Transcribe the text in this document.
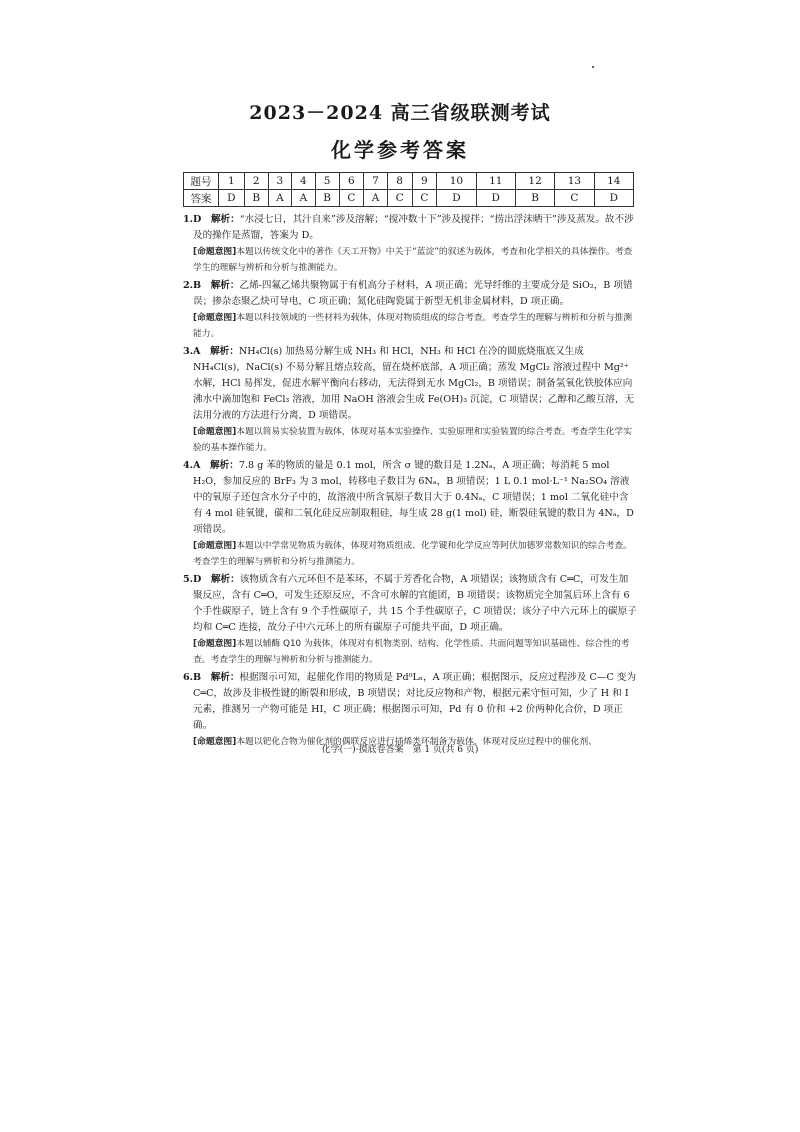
2023－2024 高三省级联测考试
化学参考答案
题号	1	2	3	4	5	6	7	8	9	10	11	12	13	14
答案	D	B	A	A	B	C	A	C	C	D	D	B	C	D

1.D　 解析：“水浸七日，其汁自来”涉及溶解；“搅冲数十下”涉及搅拌；“捞出浮沫晒干”涉及蒸发。故不涉及的操作是蒸馏，答案为 D。

[命题意图]本题以传统文化中的著作《天工开物》中关于“蓝淀”的叙述为载体，考查和化学相关的具体操作。考查学生的理解与辨析和分析与推测能力。

2.B　 解析：乙烯-四氟乙烯共聚物属于有机高分子材料，A 项正确；光导纤维的主要成分是 SiO₂，B 项错误；掺杂态聚乙炔可导电，C 项正确；氮化硅陶瓷属于新型无机非金属材料，D 项正确。

[命题意图]本题以科技领域的一些材料为载体，体现对物质组成的综合考查。考查学生的理解与辨析和分析与推测能力。

3.A　 解析：NH₄Cl(s) 加热易分解生成 NH₃ 和 HCl，NH₃ 和 HCl 在冷的圆底烧瓶底又生成 NH₄Cl(s)，NaCl(s) 不易分解且熔点较高，留在烧杯底部，A 项正确；蒸发 MgCl₂ 溶液过程中 Mg²⁺ 水解，HCl 易挥发，促进水解平衡向右移动，无法得到无水 MgCl₂，B 项错误；制备氢氧化铁胶体应向沸水中滴加饱和 FeCl₃ 溶液，加用 NaOH 溶液会生成 Fe(OH)₃ 沉淀，C 项错误；乙醇和乙酸互溶，无法用分液的方法进行分离，D 项错误。

[命题意图]本题以简易实验装置为载体，体现对基本实验操作、实验原理和实验装置的综合考查。考查学生化学实验的基本操作能力。

4.A　 解析：7.8 g 苯的物质的量是 0.1 mol，所含 σ 键的数目是 1.2Nₐ，A 项正确；每消耗 5 mol H₂O，参加反应的 BrF₃ 为 3 mol，转移电子数目为 6Nₐ，B 项错误；1 L 0.1 mol·L⁻¹ Na₂SO₄ 溶液中的氧原子还包含水分子中的，故溶液中所含氧原子数目大于 0.4Nₐ，C 项错误；1 mol 二氧化硅中含有 4 mol 硅氧键，碳和二氧化硅反应制取粗硅，每生成 28 g(1 mol) 硅，断裂硅氧键的数目为 4Nₐ，D 项错误。

[命题意图]本题以中学常见物质为载体，体现对物质组成、化学键和化学反应等阿伏加德罗常数知识的综合考查。考查学生的理解与辨析和分析与推测能力。

5.D　 解析：该物质含有六元环但不是苯环，不属于芳香化合物，A 项错误；该物质含有 C═C，可发生加聚反应，含有 C═O，可发生还原反应，不含可水解的官能团，B 项错误；该物质完全加氢后环上含有 6 个手性碳原子，链上含有 9 个手性碳原子，共 15 个手性碳原子，C 项错误；该分子中六元环上的碳原子均和 C═C 连接，故分子中六元环上的所有碳原子可能共平面，D 项正确。

[命题意图]本题以辅酶 Q10 为载体，体现对有机物类别、结构、化学性质、共面问题等知识基础性、综合性的考查。考查学生的理解与辨析和分析与推测能力。

6.B　 解析：根据图示可知，起催化作用的物质是 Pd⁰Lₙ，A 项正确；根据图示，反应过程涉及 C—C 变为 C═C，故涉及非极性键的断裂和形成，B 项错误；对比反应物和产物，根据元素守恒可知，少了 H 和 I 元素，推测另一产物可能是 HI，C 项正确；根据图示可知，Pd 有 0 价和 +2 价两种化合价，D 项正确。

[命题意图]本题以钯化合物为催化剂的偶联反应进行插烯类环制备为载体，体现对反应过程中的催化剂、

化学(一)·摸底卷答案　第 1 页(共 6 页)
